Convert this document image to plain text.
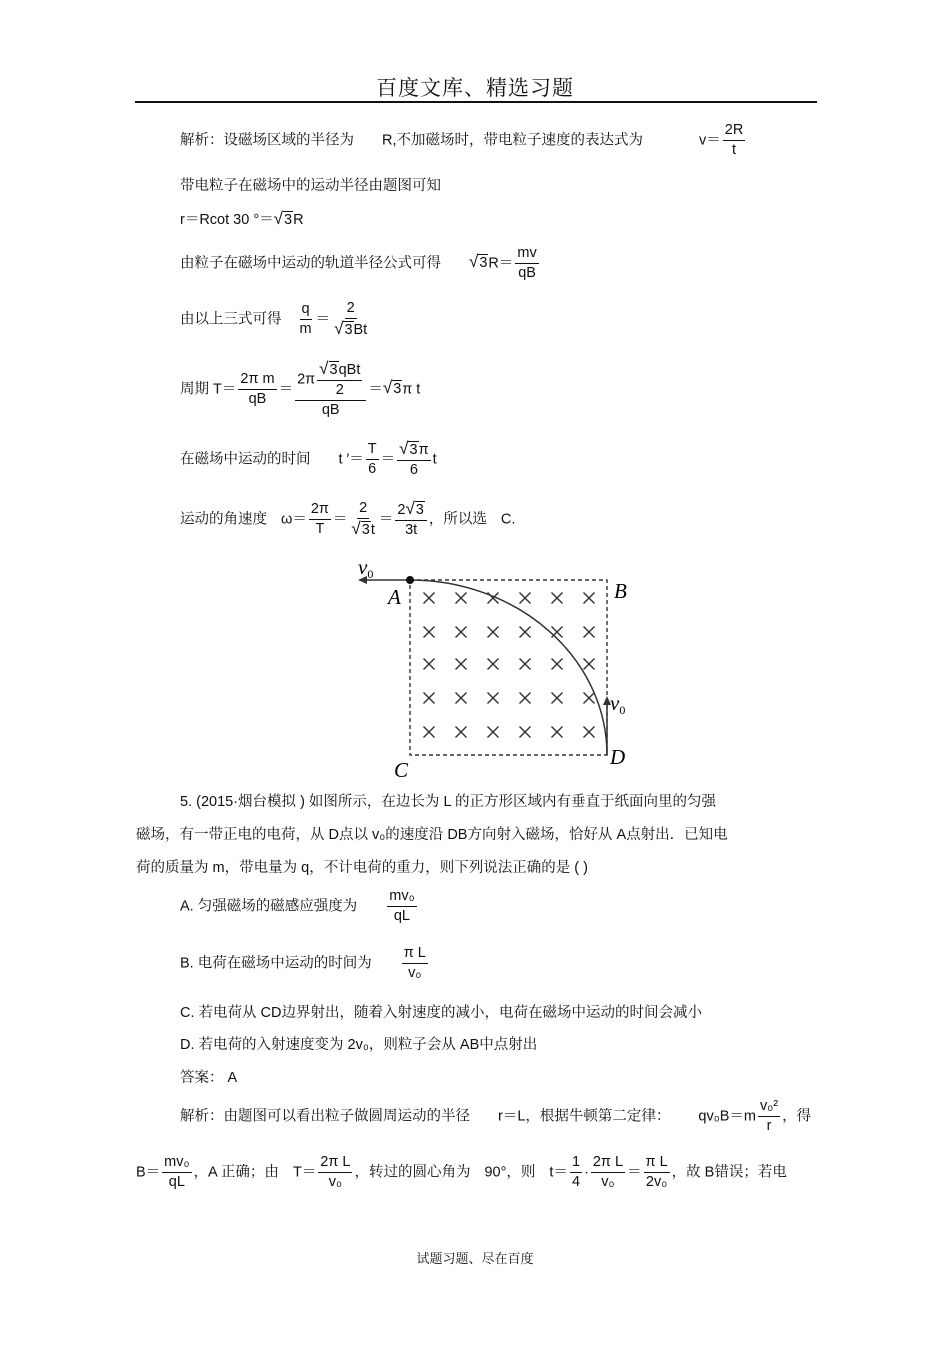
百度文库、精选习题
解析：设磁场区域的半径为 R,不加磁场时，带电粒子速度的表达式为	$v= \frac{2R}{t}$
带电粒子在磁场中的运动半径由题图可知
r＝Rcot 30 °＝√3R
由粒子在磁场中运动的轨道半径公式可得 $√3R= \frac{mv}{qB}$
由以上三式可得 $\frac{q}{m} = \frac{2}{√3Bt}$
周期 $T= \frac{\text{2π m}}{qB} = \frac{2\pi \frac{\text{√3qBt}}{2}}{qB} =√3\pi$ t
在磁场中运动的时间 t ′＝ $\frac{T}{6} = \frac{√3\pi}{6}$ t
运动的角速度 $\omega= \frac{2\pi}{T} = \frac{2}{√3t} = \frac{2√3}{3t}$ ，所以选 C.
v0
A	B
C
D
v0
5. (2015·烟台模拟 ) 如图所示，在边长为 L 的正方形区域内有垂直于纸面向里的匀强
磁场，有一带正电的电荷，从 D点以 v₀的速度沿 DB方向射入磁场，恰好从 A点射出．已知电
荷的质量为 m，带电量为 q，不计电荷的重力，则下列说法正确的是 ( )
A. 匀强磁场的磁感应强度为 $\frac{\text{mv₀}}{qL}$
B. 电荷在磁场中运动的时间为 $\frac{\text{π L}}{\text{v₀}}$
C. 若电荷从 CD边界射出，随着入射速度的减小，电荷在磁场中运动的时间会减小
D. 若电荷的入射速度变为 2v₀，则粒子会从 AB中点射出
答案： A
解析：由题图可以看出粒子做圆周运动的半径 r＝L，根据牛顿第二定律： $qv_0B=m \frac{\text{v₀²}}{r}$ ，得
$B= \frac{\text{mv₀}}{qL}$ ，A 正确；由 $T= \frac{\text{2π L}}{\text{v₀}}$ ，转过的圆心角为 90°，则 $t= \frac{1}{4} \cdot \frac{\text{2π L}}{\text{v₀}} = \frac{\text{π L}}{\text{2v₀}}$ ，故 B错误；若电
试题习题、尽在百度
